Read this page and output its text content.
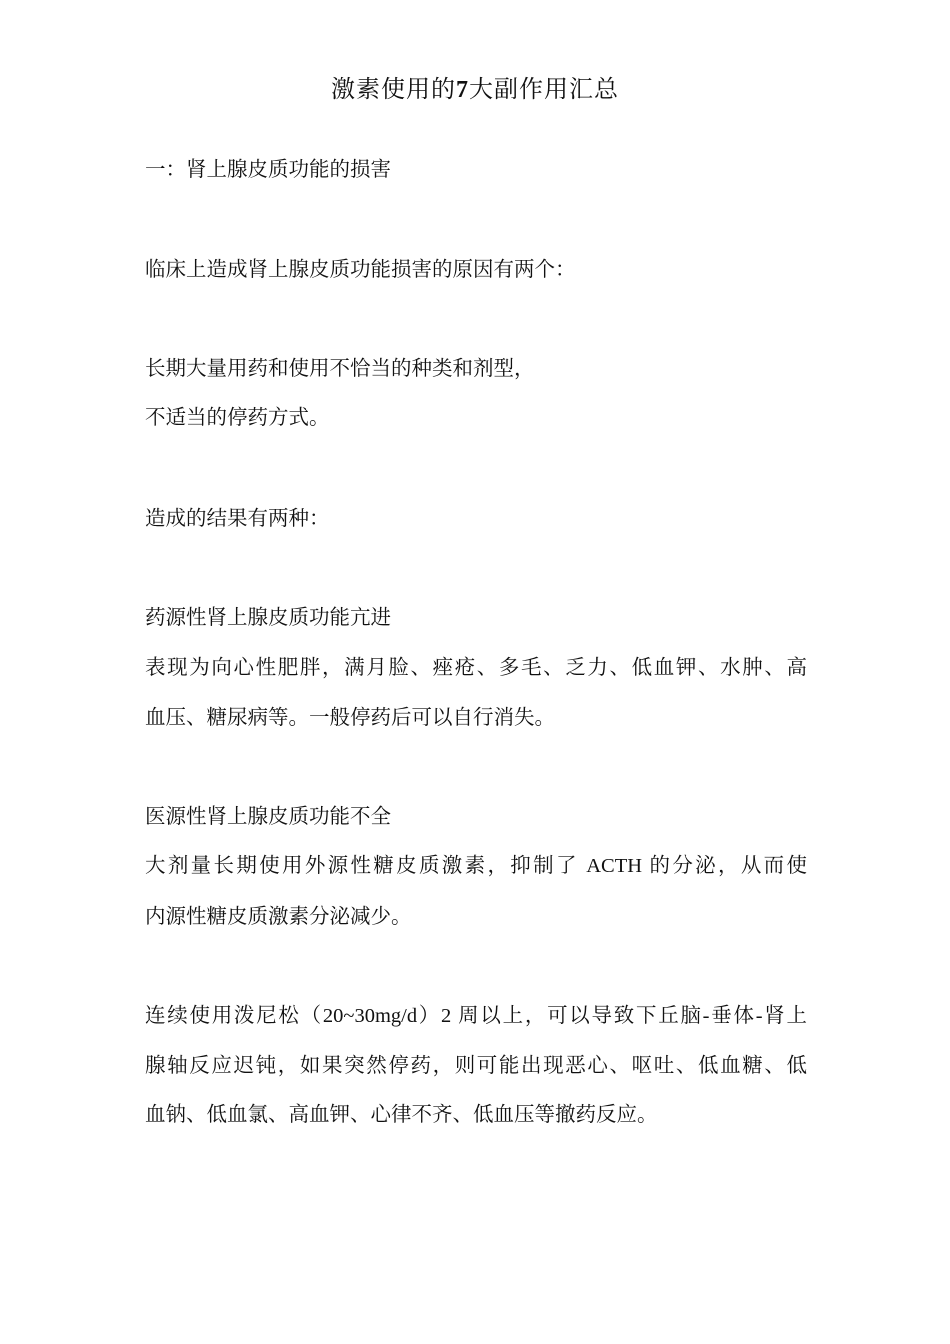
激素使用的7大副作用汇总
一：肾上腺皮质功能的损害
临床上造成肾上腺皮质功能损害的原因有两个：
长期大量用药和使用不恰当的种类和剂型，
不适当的停药方式。
造成的结果有两种：
药源性肾上腺皮质功能亢进
表现为向心性肥胖，满月脸、痤疮、多毛、乏力、低血钾、水肿、高
血压、糖尿病等。一般停药后可以自行消失。
医源性肾上腺皮质功能不全
大剂量长期使用外源性糖皮质激素，抑制了 ACTH 的分泌，从而使
内源性糖皮质激素分泌减少。
连续使用泼尼松（20~30mg/d）2 周以上，可以导致下丘脑-垂体-肾上
腺轴反应迟钝，如果突然停药，则可能出现恶心、呕吐、低血糖、低
血钠、低血氯、高血钾、心律不齐、低血压等撤药反应。
